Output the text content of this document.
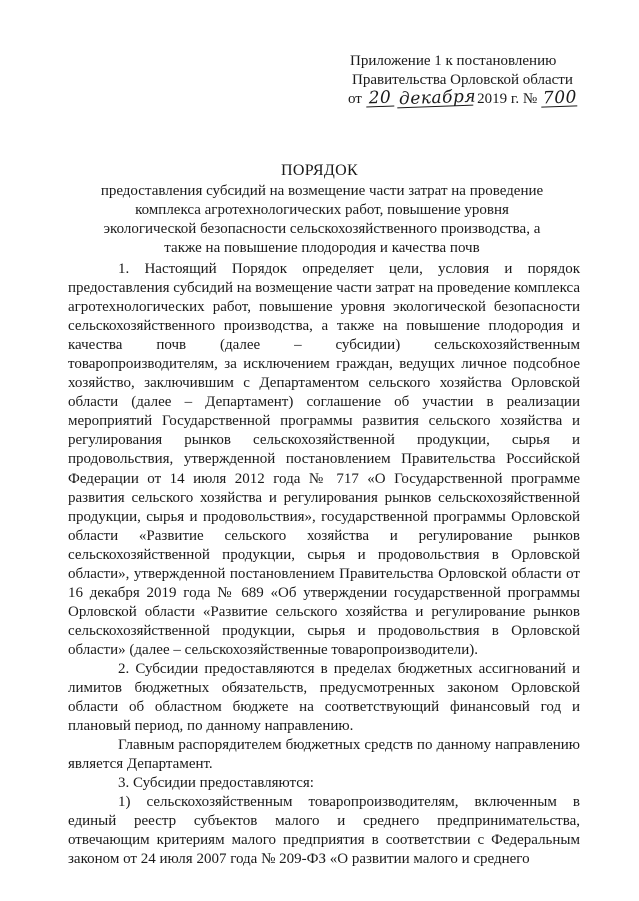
Приложение 1 к постановлению
Правительства Орловской области
от 20 декабря 2019 г. № 700
ПОРЯДОК
предоставления субсидий на возмещение части затрат на проведение комплекса агротехнологических работ, повышение уровня экологической безопасности сельскохозяйственного производства, а также на повышение плодородия и качества почв

1. Настоящий Порядок определяет цели, условия и порядок предоставления субсидий на возмещение части затрат на проведение комплекса агротехнологических работ, повышение уровня экологической безопасности сельскохозяйственного производства, а также на повышение плодородия и качества почв (далее – субсидии) сельскохозяйственным товаропроизводителям, за исключением граждан, ведущих личное подсобное хозяйство, заключившим с Департаментом сельского хозяйства Орловской области (далее – Департамент) соглашение об участии в реализации мероприятий Государственной программы развития сельского хозяйства и регулирования рынков сельскохозяйственной продукции, сырья и продовольствия, утвержденной постановлением Правительства Российской Федерации от 14 июля 2012 года № 717 «О Государственной программе развития сельского хозяйства и регулирования рынков сельскохозяйственной продукции, сырья и продовольствия», государственной программы Орловской области «Развитие сельского хозяйства и регулирование рынков сельскохозяйственной продукции, сырья и продовольствия в Орловской области», утвержденной постановлением Правительства Орловской области от 16 декабря 2019 года № 689 «Об утверждении государственной программы Орловской области «Развитие сельского хозяйства и регулирование рынков сельскохозяйственной продукции, сырья и продовольствия в Орловской области» (далее – сельскохозяйственные товаропроизводители).

2. Субсидии предоставляются в пределах бюджетных ассигнований и лимитов бюджетных обязательств, предусмотренных законом Орловской области об областном бюджете на соответствующий финансовый год и плановый период, по данному направлению.

Главным распорядителем бюджетных средств по данному направлению является Департамент.

3. Субсидии предоставляются:

1) сельскохозяйственным товаропроизводителям, включенным в единый реестр субъектов малого и среднего предпринимательства, отвечающим критериям малого предприятия в соответствии с Федеральным законом от 24 июля 2007 года № 209-ФЗ «О развитии малого и среднего
